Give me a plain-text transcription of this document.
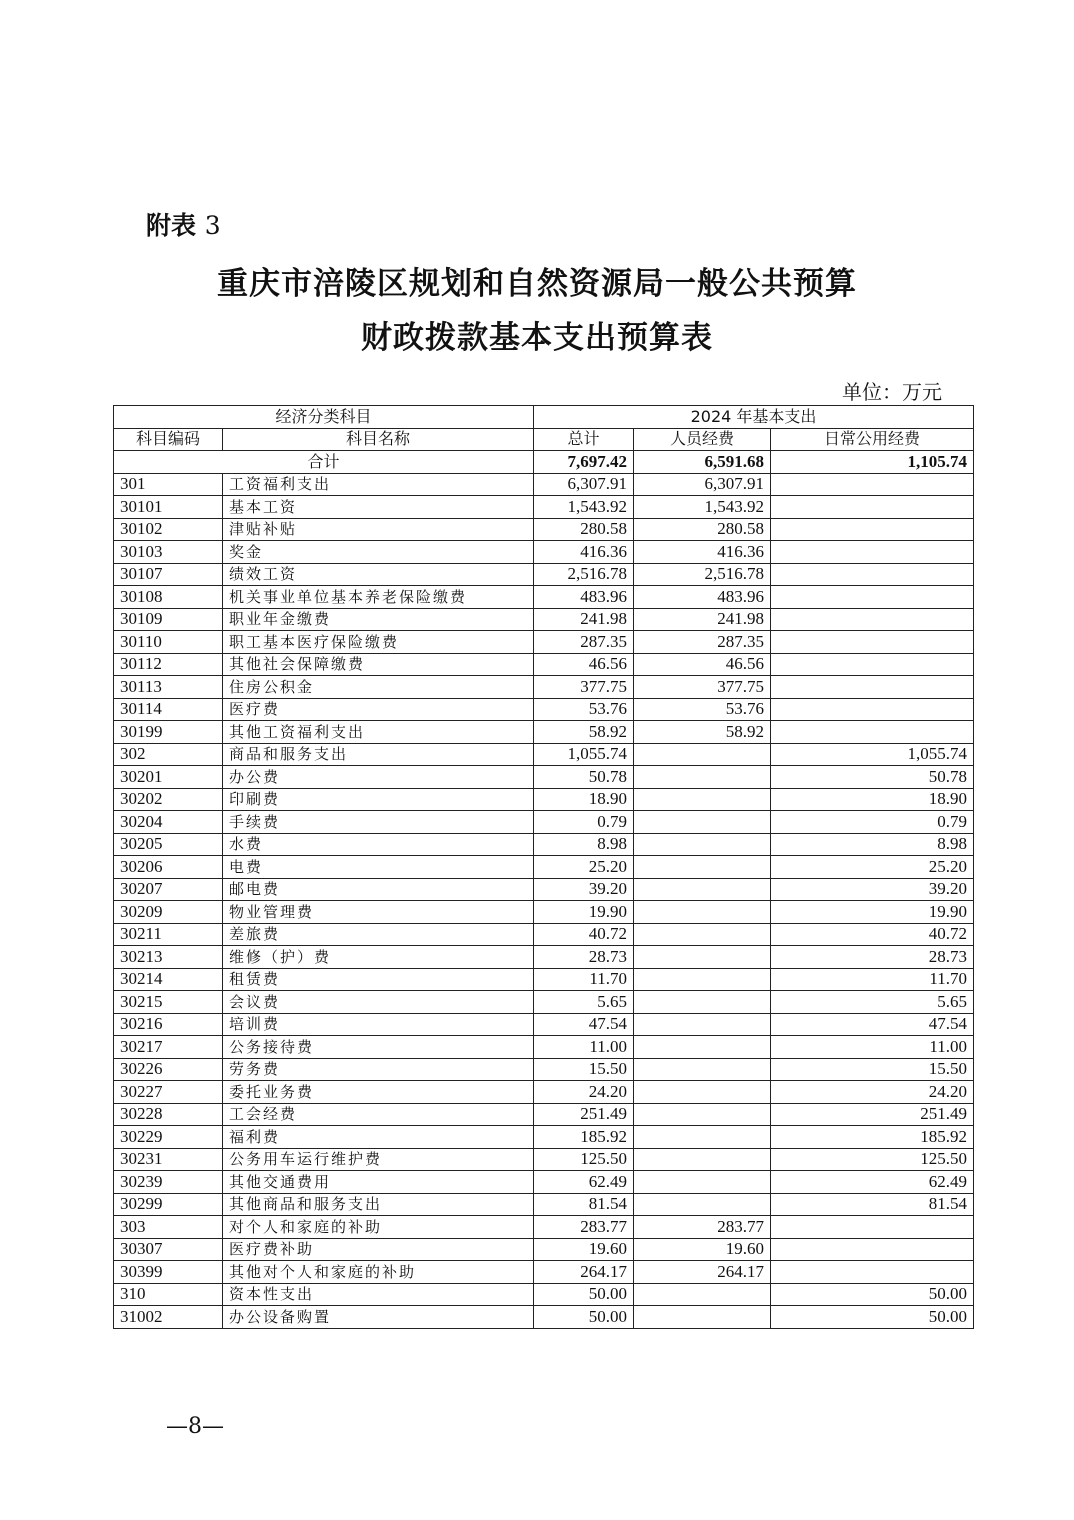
附表 3
重庆市涪陵区规划和自然资源局一般公共预算
财政拨款基本支出预算表
单位：万元
经济分类科目		2024 年基本支出		
科目编码	科目名称	总计	人员经费	日常公用经费
合计		7,697.42	6,591.68	1,105.74
301	工资福利支出	6,307.91	6,307.91	
30101	基本工资	1,543.92	1,543.92	
30102	津贴补贴	280.58	280.58	
30103	奖金	416.36	416.36	
30107	绩效工资	2,516.78	2,516.78	
30108	机关事业单位基本养老保险缴费	483.96	483.96	
30109	职业年金缴费	241.98	241.98	
30110	职工基本医疗保险缴费	287.35	287.35	
30112	其他社会保障缴费	46.56	46.56	
30113	住房公积金	377.75	377.75	
30114	医疗费	53.76	53.76	
30199	其他工资福利支出	58.92	58.92	
302	商品和服务支出	1,055.74		1,055.74
30201	办公费	50.78		50.78
30202	印刷费	18.90		18.90
30204	手续费	0.79		0.79
30205	水费	8.98		8.98
30206	电费	25.20		25.20
30207	邮电费	39.20		39.20
30209	物业管理费	19.90		19.90
30211	差旅费	40.72		40.72
30213	维修（护）费	28.73		28.73
30214	租赁费	11.70		11.70
30215	会议费	5.65		5.65
30216	培训费	47.54		47.54
30217	公务接待费	11.00		11.00
30226	劳务费	15.50		15.50
30227	委托业务费	24.20		24.20
30228	工会经费	251.49		251.49
30229	福利费	185.92		185.92
30231	公务用车运行维护费	125.50		125.50
30239	其他交通费用	62.49		62.49
30299	其他商品和服务支出	81.54		81.54
303	对个人和家庭的补助	283.77	283.77	
30307	医疗费补助	19.60	19.60	
30399	其他对个人和家庭的补助	264.17	264.17	
310	资本性支出	50.00		50.00
31002	办公设备购置	50.00		50.00
—8—
